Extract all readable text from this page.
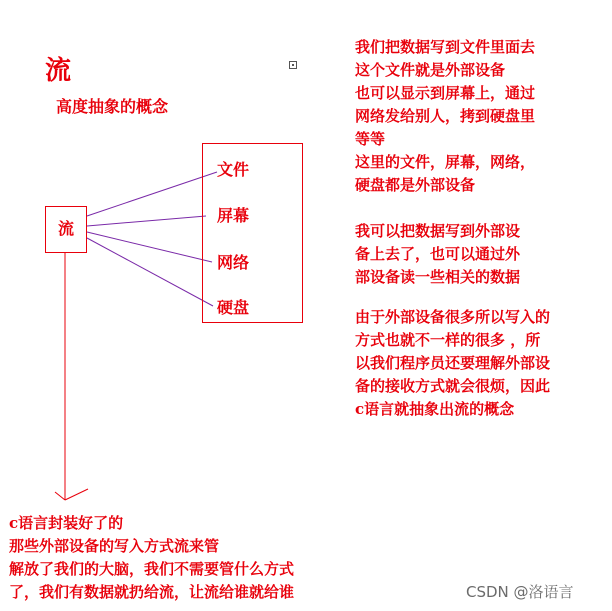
流
高度抽象的概念
流
文件
屏幕
网络
硬盘
我们把数据写到文件里面去
这个文件就是外部设备
也可以显示到屏幕上，通过
网络发给别人，拷到硬盘里
等等
这里的文件，屏幕，网络，
硬盘都是外部设备
我可以把数据写到外部设
备上去了，也可以通过外
部设备读一些相关的数据
由于外部设备很多所以写入的
方式也就不一样的很多 ，所
以我们程序员还要理解外部设
备的接收方式就会很烦，因此
c语言就抽象出流的概念
c语言封装好了的
那些外部设备的写入方式流来管
解放了我们的大脑，我们不需要管什么方式
了，我们有数据就扔给流，让流给谁就给谁	CSDN @洛语言
